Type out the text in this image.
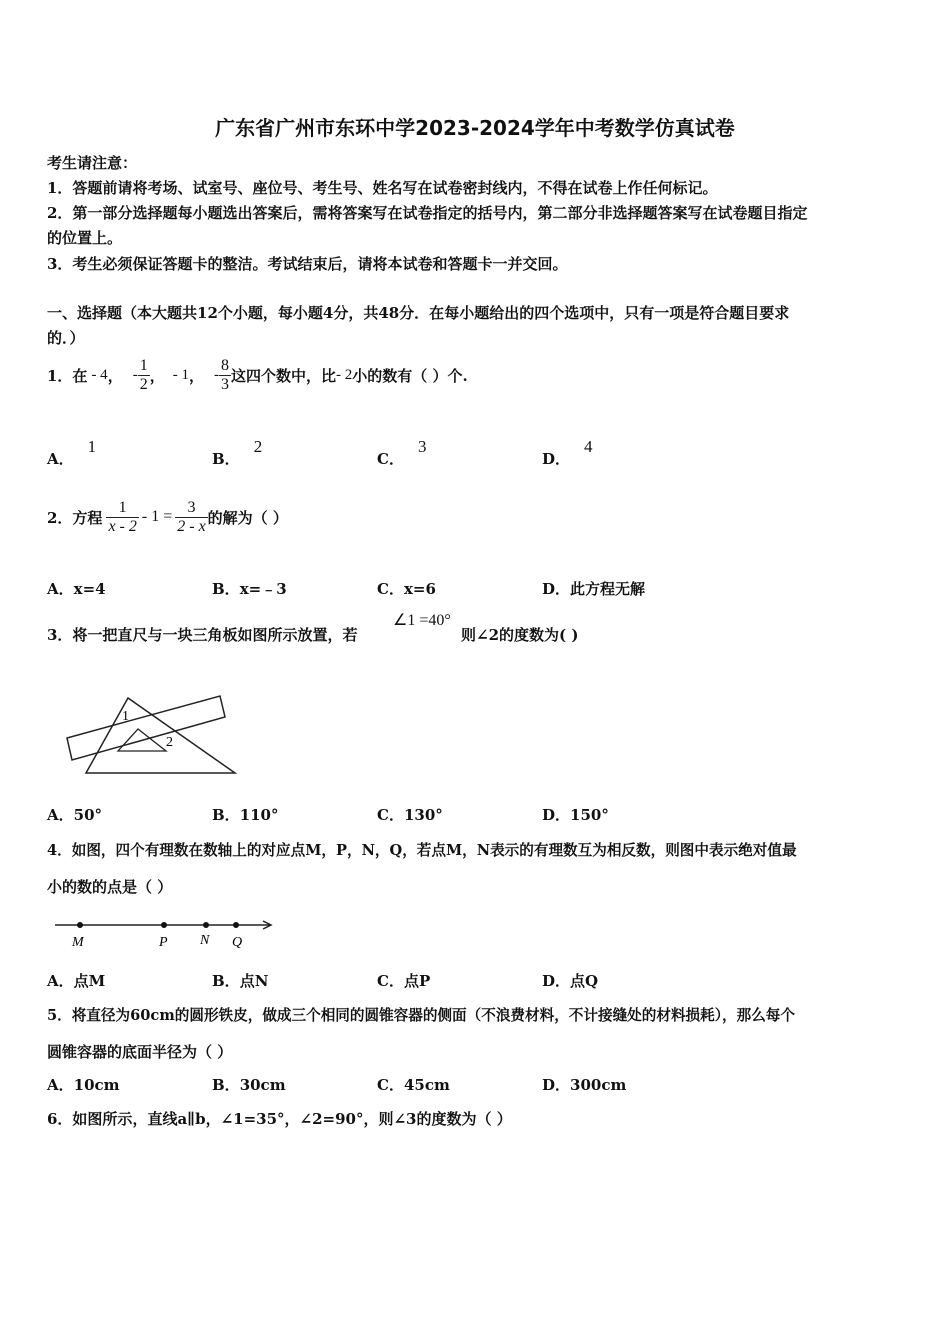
广东省广州市东环中学2023-2024学年中考数学仿真试卷
考生请注意：
1．答题前请将考场、试室号、座位号、考生号、姓名写在试卷密封线内，不得在试卷上作任何标记。
2．第一部分选择题每小题选出答案后，需将答案写在试卷指定的括号内，第二部分非选择题答案写在试卷题目指定
的位置上。
3．考生必须保证答题卡的整洁。考试结束后，请将本试卷和答题卡一并交回。
一、选择题（本大题共12个小题，每小题4分，共48分．在每小题给出的四个选项中，只有一项是符合题目要求
的．）
1．在 - 4 ， - $\frac{1}{2}$ ， - 1 ， - $\frac{8}{3}$ 这四个数中，比 - 2 小的数有（ ）个.
A．1
B．2
C．3
D．4
2．方程 $\frac{1}{x - 2} - 1 = \frac{3}{2 - x}$ 的解为（ ）
A．x=4	B．x=﹣3	C．x=6	D．此方程无解
3．将一把直尺与一块三角板如图所示放置，若
∠1 =40°
则∠2的度数为( )
1
2
A．50°	B．110°	C．130°	D．150°
4．如图，四个有理数在数轴上的对应点M，P，N，Q，若点M，N表示的有理数互为相反数，则图中表示绝对值最
小的数的点是（ ）
M	P N Q
A．点M	B．点N	C．点P	D．点Q
5．将直径为60cm的圆形铁皮，做成三个相同的圆锥容器的侧面（不浪费材料，不计接缝处的材料损耗），那么每个
圆锥容器的底面半径为（ ）
A．10cm	B．30cm	C．45cm	D．300cm
6．如图所示，直线a∥b，∠1=35°，∠2=90°，则∠3的度数为（ ）
